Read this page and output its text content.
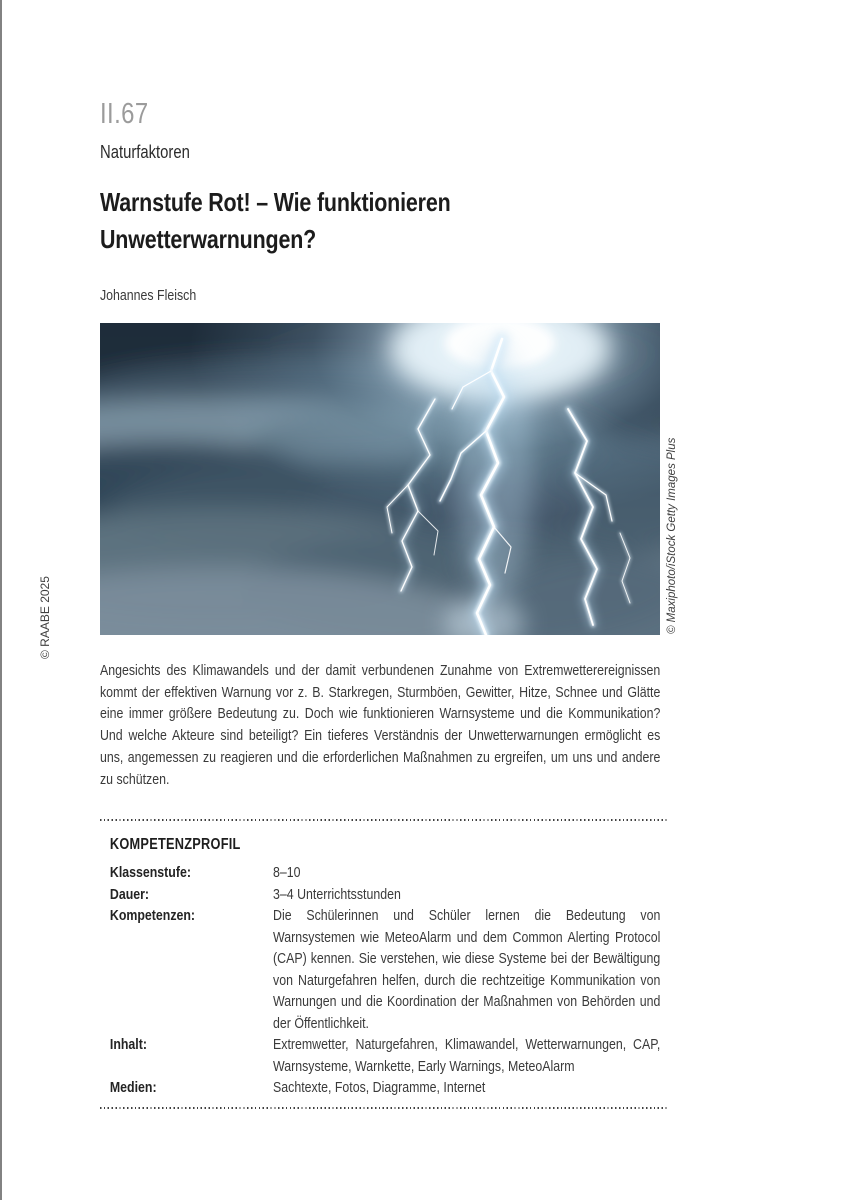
II.67
Naturfaktoren
Warnstufe Rot! – Wie funktionieren
Unwetterwarnungen?
Johannes Fleisch
© Maxiphoto/iStock Getty Images Plus
© RAABE 2025
Angesichts des Klimawandels und der damit verbundenen Zunahme von Extremwetterereignissen kommt der effektiven Warnung vor z. B. Starkregen, Sturmböen, Gewitter, Hitze, Schnee und Glätte eine immer größere Bedeutung zu. Doch wie funktionieren Warnsysteme und die Kommunikation? Und welche Akteure sind beteiligt? Ein tieferes Verständnis der Unwetterwarnungen ermöglicht es uns, angemessen zu reagieren und die erforderlichen Maßnahmen zu ergreifen, um uns und andere zu schützen.
KOMPETENZPROFIL
Klassenstufe:	8–10
Dauer:	3–4 Unterrichtsstunden
Kompetenzen:	Die Schülerinnen und Schüler lernen die Bedeutung von Warnsystemen wie MeteoAlarm und dem Common Alerting Protocol (CAP) kennen. Sie verstehen, wie diese Systeme bei der Bewältigung von Naturgefahren helfen, durch die rechtzeitige Kommunikation von Warnungen und die Koordination der Maßnahmen von Behörden und der Öffentlichkeit.
Inhalt:	Extremwetter, Naturgefahren, Klimawandel, Wetterwarnungen, CAP, Warnsysteme, Warnkette, Early Warnings, MeteoAlarm
Medien:	Sachtexte, Fotos, Diagramme, Internet
